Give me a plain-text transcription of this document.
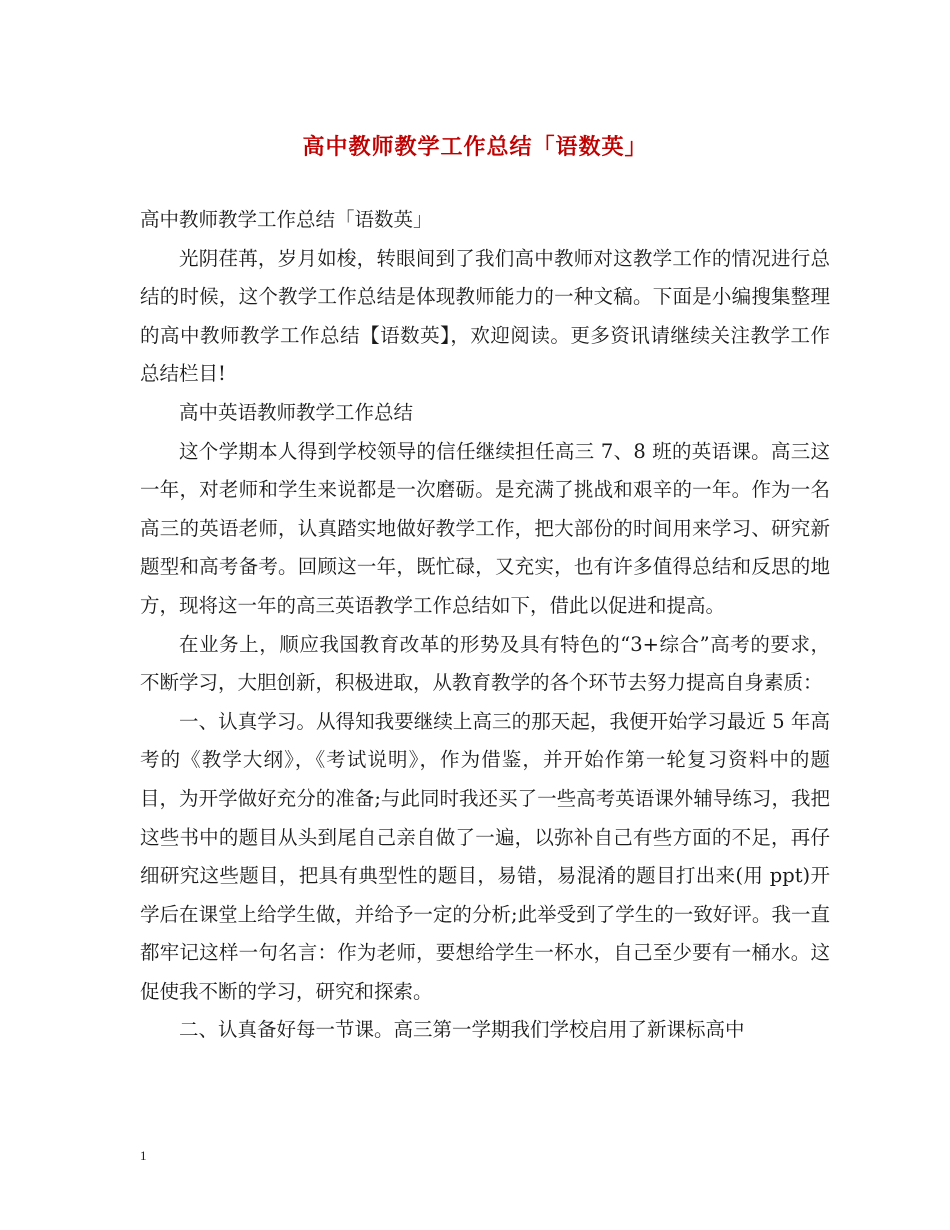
高中教师教学工作总结「语数英」

高中教师教学工作总结「语数英」

光阴荏苒，岁月如梭，转眼间到了我们高中教师对这教学工作的情况进行总结的时候，这个教学工作总结是体现教师能力的一种文稿。下面是小编搜集整理的高中教师教学工作总结【语数英】，欢迎阅读。更多资讯请继续关注教学工作总结栏目!

高中英语教师教学工作总结

这个学期本人得到学校领导的信任继续担任高三 7、8 班的英语课。高三这一年，对老师和学生来说都是一次磨砺。是充满了挑战和艰辛的一年。作为一名高三的英语老师，认真踏实地做好教学工作，把大部份的时间用来学习、研究新题型和高考备考。回顾这一年，既忙碌，又充实，也有许多值得总结和反思的地方，现将这一年的高三英语教学工作总结如下，借此以促进和提高。

在业务上，顺应我国教育改革的形势及具有特色的“3+综合”高考的要求，不断学习，大胆创新，积极进取，从教育教学的各个环节去努力提高自身素质：

一、认真学习。从得知我要继续上高三的那天起，我便开始学习最近 5 年高考的《教学大纲》，《考试说明》，作为借鉴，并开始作第一轮复习资料中的题目，为开学做好充分的准备;与此同时我还买了一些高考英语课外辅导练习，我把这些书中的题目从头到尾自己亲自做了一遍，以弥补自己有些方面的不足，再仔细研究这些题目，把具有典型性的题目，易错，易混淆的题目打出来(用 ppt)开学后在课堂上给学生做，并给予一定的分析;此举受到了学生的一致好评。我一直都牢记这样一句名言：作为老师，要想给学生一杯水，自己至少要有一桶水。这促使我不断的学习，研究和探索。

二、认真备好每一节课。高三第一学期我们学校启用了新课标高中

1
